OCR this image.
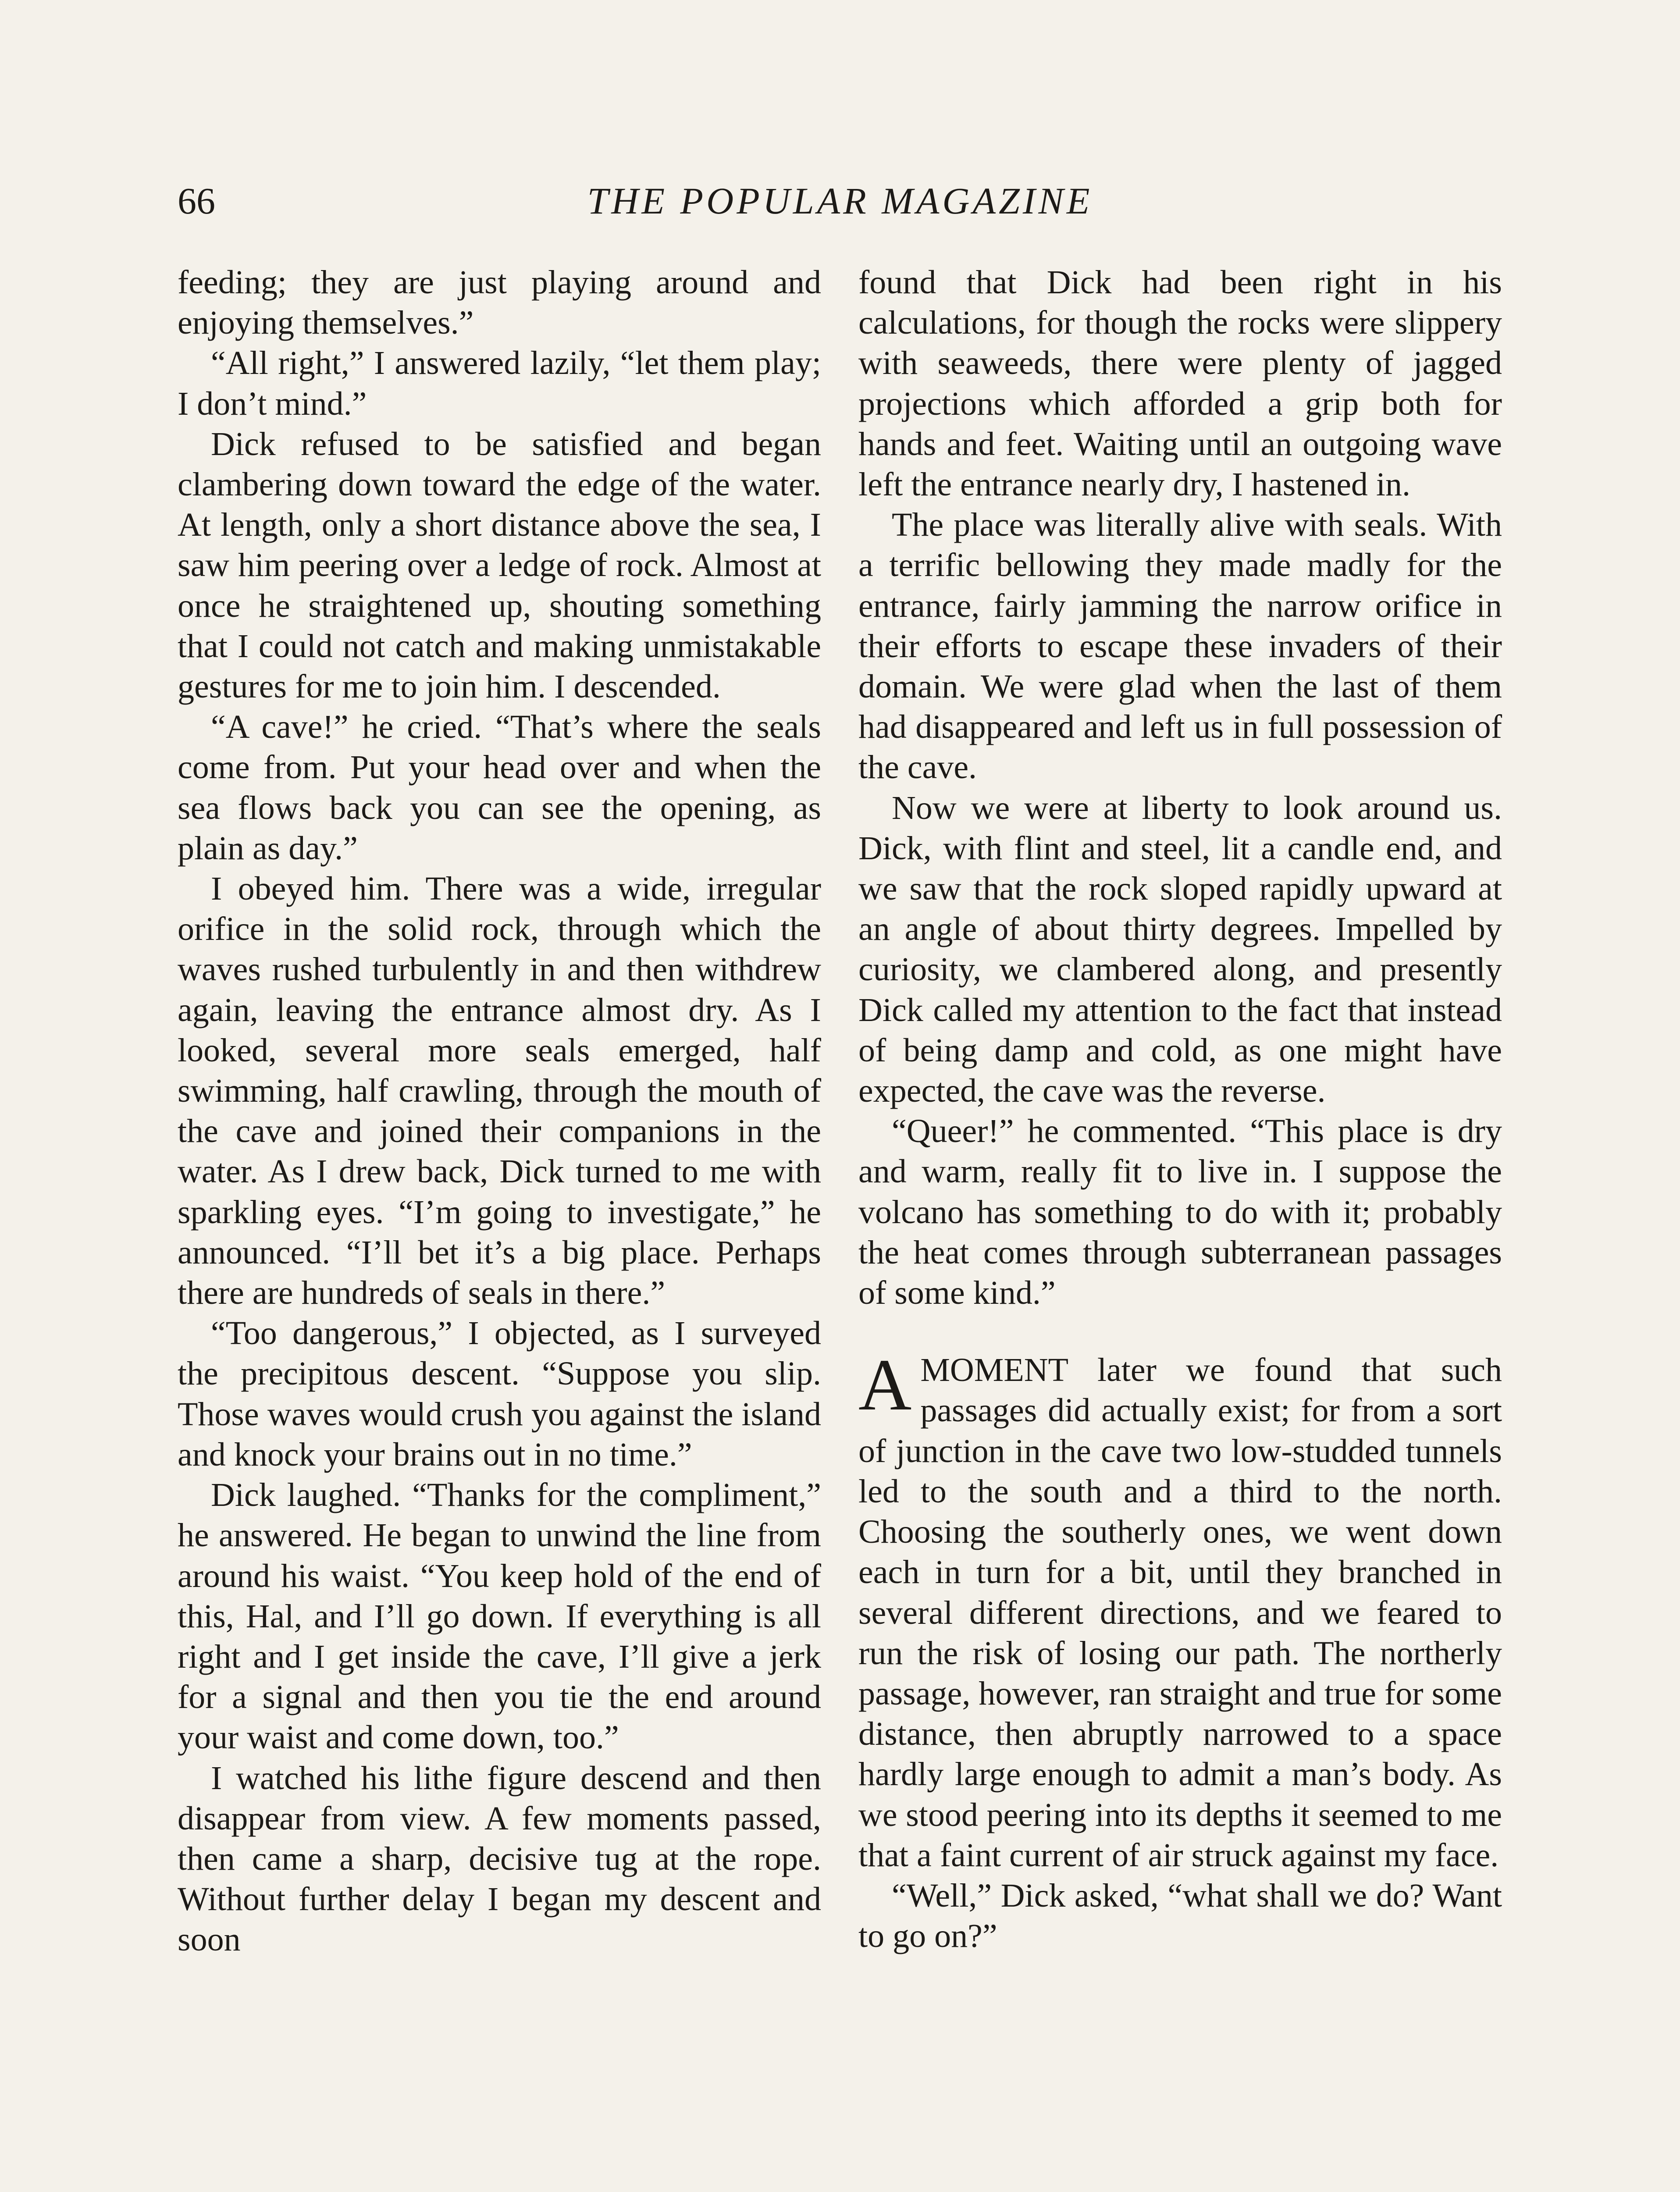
66	THE POPULAR MAGAZINE

feeding; they are just playing around and enjoying themselves.”

“All right,” I answered lazily, “let them play; I don’t mind.”

Dick refused to be satisfied and began clambering down toward the edge of the water. At length, only a short distance above the sea, I saw him peering over a ledge of rock. Almost at once he straightened up, shouting something that I could not catch and making unmistakable gestures for me to join him. I descended.

“A cave!” he cried. “That’s where the seals come from. Put your head over and when the sea flows back you can see the opening, as plain as day.”

I obeyed him. There was a wide, irregular orifice in the solid rock, through which the waves rushed turbulently in and then withdrew again, leaving the entrance almost dry. As I looked, several more seals emerged, half swimming, half crawling, through the mouth of the cave and joined their companions in the water. As I drew back, Dick turned to me with sparkling eyes. “I’m going to investigate,” he announced. “I’ll bet it’s a big place. Perhaps there are hundreds of seals in there.”

“Too dangerous,” I objected, as I surveyed the precipitous descent. “Suppose you slip. Those waves would crush you against the island and knock your brains out in no time.”

Dick laughed. “Thanks for the compliment,” he answered. He began to unwind the line from around his waist. “You keep hold of the end of this, Hal, and I’ll go down. If everything is all right and I get inside the cave, I’ll give a jerk for a signal and then you tie the end around your waist and come down, too.”

I watched his lithe figure descend and then disappear from view. A few moments passed, then came a sharp, decisive tug at the rope. Without further delay I began my descent and soon

found that Dick had been right in his calculations, for though the rocks were slippery with seaweeds, there were plenty of jagged projections which afforded a grip both for hands and feet. Waiting until an outgoing wave left the entrance nearly dry, I hastened in.

The place was literally alive with seals. With a terrific bellowing they made madly for the entrance, fairly jamming the narrow orifice in their efforts to escape these invaders of their domain. We were glad when the last of them had disappeared and left us in full possession of the cave.

Now we were at liberty to look around us. Dick, with flint and steel, lit a candle end, and we saw that the rock sloped rapidly upward at an angle of about thirty degrees. Impelled by curiosity, we clambered along, and presently Dick called my attention to the fact that instead of being damp and cold, as one might have expected, the cave was the reverse.

“Queer!” he commented. “This place is dry and warm, really fit to live in. I suppose the volcano has something to do with it; probably the heat comes through subterranean passages of some kind.”

AMOMENT later we found that such passages did actually exist; for from a sort of junction in the cave two low-studded tunnels led to the south and a third to the north. Choosing the southerly ones, we went down each in turn for a bit, until they branched in several different directions, and we feared to run the risk of losing our path. The northerly passage, however, ran straight and true for some distance, then abruptly narrowed to a space hardly large enough to admit a man’s body. As we stood peering into its depths it seemed to me that a faint current of air struck against my face.

“Well,” Dick asked, “what shall we do? Want to go on?”
